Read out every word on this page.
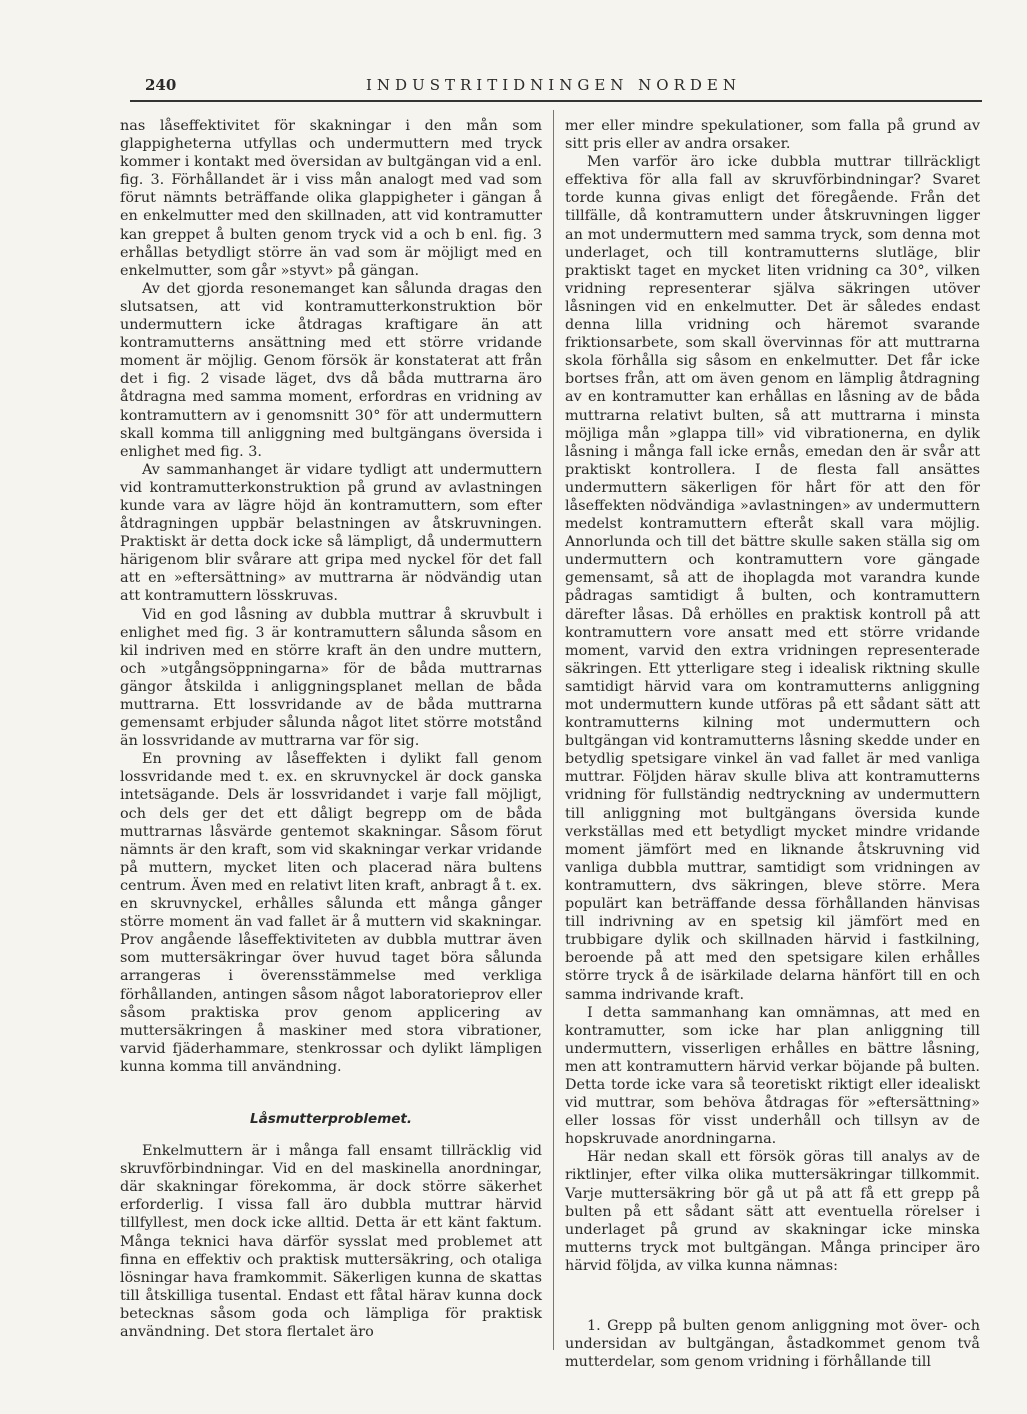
240	INDUSTRITIDNINGEN NORDEN

nas låseffektivitet för skakningar i den mån som glappigheterna utfyllas och undermuttern med tryck kommer i kontakt med översidan av bultgängan vid a enl. fig. 3. Förhållandet är i viss mån analogt med vad som förut nämnts beträffande olika glappigheter i gängan å en enkelmutter med den skillnaden, att vid kontramutter kan greppet å bulten genom tryck vid a och b enl. fig. 3 erhållas betydligt större än vad som är möjligt med en enkelmutter, som går »styvt» på gängan.

Av det gjorda resonemanget kan sålunda dragas den slutsatsen, att vid kontramutterkonstruktion bör undermuttern icke åtdragas kraftigare än att kontramutterns ansättning med ett större vridande moment är möjlig. Genom försök är konstaterat att från det i fig. 2 visade läget, dvs då båda muttrarna äro åtdragna med samma moment, erfordras en vridning av kontramuttern av i genomsnitt 30° för att undermuttern skall komma till anliggning med bultgängans översida i enlighet med fig. 3.

Av sammanhanget är vidare tydligt att undermuttern vid kontramutterkonstruktion på grund av avlastningen kunde vara av lägre höjd än kontramuttern, som efter åtdragningen uppbär belastningen av åtskruvningen. Praktiskt är detta dock icke så lämpligt, då undermuttern härigenom blir svårare att gripa med nyckel för det fall att en »eftersättning» av muttrarna är nödvändig utan att kontramuttern lösskruvas.

Vid en god låsning av dubbla muttrar å skruvbult i enlighet med fig. 3 är kontramuttern sålunda såsom en kil indriven med en större kraft än den undre muttern, och »utgångsöppningarna» för de båda muttrarnas gängor åtskilda i anliggningsplanet mellan de båda muttrarna. Ett lossvridande av de båda muttrarna gemensamt erbjuder sålunda något litet större motstånd än lossvridande av muttrarna var för sig.

En provning av låseffekten i dylikt fall genom lossvridande med t. ex. en skruvnyckel är dock ganska intetsägande. Dels är lossvridandet i varje fall möjligt, och dels ger det ett dåligt begrepp om de båda muttrarnas låsvärde gentemot skakningar. Såsom förut nämnts är den kraft, som vid skakningar verkar vridande på muttern, mycket liten och placerad nära bultens centrum. Även med en relativt liten kraft, anbragt å t. ex. en skruvnyckel, erhålles sålunda ett många gånger större moment än vad fallet är å muttern vid skakningar. Prov angående låseffektiviteten av dubbla muttrar även som muttersäkringar över huvud taget böra sålunda arrangeras i överensstämmelse med verkliga förhållanden, antingen såsom något laboratorieprov eller såsom praktiska prov genom applicering av muttersäkringen å maskiner med stora vibrationer, varvid fjäderhammare, stenkrossar och dylikt lämpligen kunna komma till användning.

Låsmutterproblemet.

Enkelmuttern är i många fall ensamt tillräcklig vid skruvförbindningar. Vid en del maskinella anordningar, där skakningar förekomma, är dock större säkerhet erforderlig. I vissa fall äro dubbla muttrar härvid tillfyllest, men dock icke alltid. Detta är ett känt faktum. Många teknici hava därför sysslat med problemet att finna en effektiv och praktisk muttersäkring, och otaliga lösningar hava framkommit. Säkerligen kunna de skattas till åtskilliga tusental. Endast ett fåtal härav kunna dock betecknas såsom goda och lämpliga för praktisk användning. Det stora flertalet äro

mer eller mindre spekulationer, som falla på grund av sitt pris eller av andra orsaker.

Men varför äro icke dubbla muttrar tillräckligt effektiva för alla fall av skruvförbindningar? Svaret torde kunna givas enligt det föregående. Från det tillfälle, då kontramuttern under åtskruvningen ligger an mot undermuttern med samma tryck, som denna mot underlaget, och till kontramutterns slutläge, blir praktiskt taget en mycket liten vridning ca 30°, vilken vridning representerar själva säkringen utöver låsningen vid en enkelmutter. Det är således endast denna lilla vridning och häremot svarande friktionsarbete, som skall övervinnas för att muttrarna skola förhålla sig såsom en enkelmutter. Det får icke bortses från, att om även genom en lämplig åtdragning av en kontramutter kan erhållas en låsning av de båda muttrarna relativt bulten, så att muttrarna i minsta möjliga mån »glappa till» vid vibrationerna, en dylik låsning i många fall icke ernås, emedan den är svår att praktiskt kontrollera. I de flesta fall ansättes undermuttern säkerligen för hårt för att den för låseffekten nödvändiga »avlastningen» av undermuttern medelst kontramuttern efteråt skall vara möjlig. Annorlunda och till det bättre skulle saken ställa sig om undermuttern och kontramuttern vore gängade gemensamt, så att de ihoplagda mot varandra kunde pådragas samtidigt å bulten, och kontramuttern därefter låsas. Då erhölles en praktisk kontroll på att kontramuttern vore ansatt med ett större vridande moment, varvid den extra vridningen representerade säkringen. Ett ytterligare steg i idealisk riktning skulle samtidigt härvid vara om kontramutterns anliggning mot undermuttern kunde utföras på ett sådant sätt att kontramutterns kilning mot undermuttern och bultgängan vid kontramutterns låsning skedde under en betydlig spetsigare vinkel än vad fallet är med vanliga muttrar. Följden härav skulle bliva att kontramutterns vridning för fullständig nedtryckning av undermuttern till anliggning mot bultgängans översida kunde verkställas med ett betydligt mycket mindre vridande moment jämfört med en liknande åtskruvning vid vanliga dubbla muttrar, samtidigt som vridningen av kontramuttern, dvs säkringen, bleve större. Mera populärt kan beträffande dessa förhållanden hänvisas till indrivning av en spetsig kil jämfört med en trubbigare dylik och skillnaden härvid i fastkilning, beroende på att med den spetsigare kilen erhålles större tryck å de isärkilade delarna hänfört till en och samma indrivande kraft.

I detta sammanhang kan omnämnas, att med en kontramutter, som icke har plan anliggning till undermuttern, visserligen erhålles en bättre låsning, men att kontramuttern härvid verkar böjande på bulten. Detta torde icke vara så teoretiskt riktigt eller idealiskt vid muttrar, som behöva åtdragas för »eftersättning» eller lossas för visst underhåll och tillsyn av de hopskruvade anordningarna.

Här nedan skall ett försök göras till analys av de riktlinjer, efter vilka olika muttersäkringar tillkommit. Varje muttersäkring bör gå ut på att få ett grepp på bulten på ett sådant sätt att eventuella rörelser i underlaget på grund av skakningar icke minska mutterns tryck mot bultgängan. Många principer äro härvid följda, av vilka kunna nämnas:

1. Grepp på bulten genom anliggning mot över- och undersidan av bultgängan, åstadkommet genom två mutterdelar, som genom vridning i förhållande till
